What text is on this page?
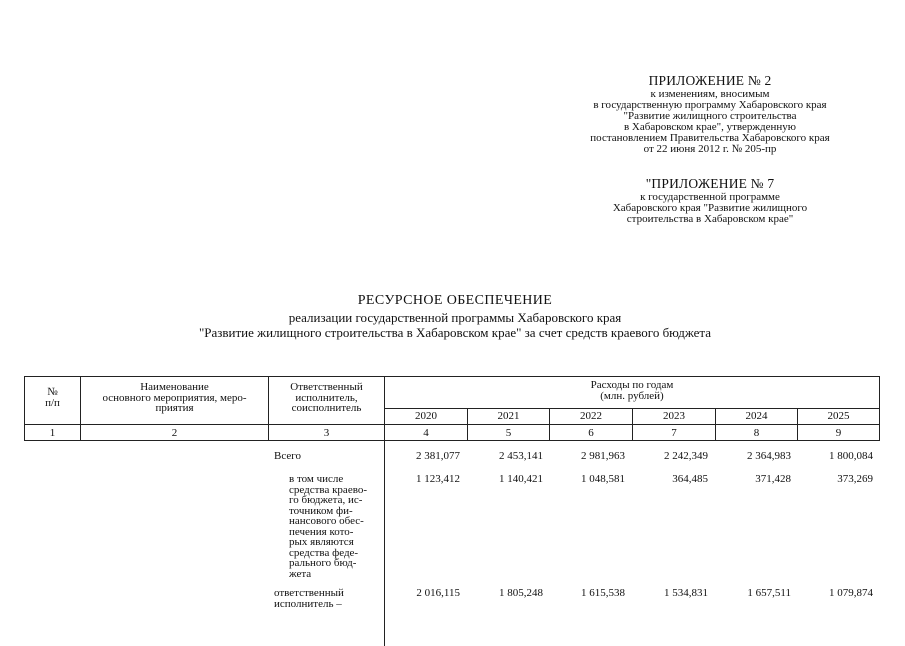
ПРИЛОЖЕНИЕ № 2
к изменениям, вносимым
в государственную программу Хабаровского края
"Развитие жилищного строительства
в Хабаровском крае", утвержденную
постановлением Правительства Хабаровского края
от 22 июня 2012 г. № 205-пр
"ПРИЛОЖЕНИЕ № 7
к государственной программе
Хабаровского края "Развитие жилищного
строительства в Хабаровском крае"
РЕСУРСНОЕ ОБЕСПЕЧЕНИЕ
реализации государственной программы Хабаровского края
"Развитие жилищного строительства в Хабаровском крае" за счет средств краевого бюджета
№
п/п
Наименование
основного мероприятия, меро-
приятия
Ответственный
исполнитель,
соисполнитель
Расходы по годам
(млн. рублей)
2020	2021	2022	2023	2024	2025
1	2	3	4	5	6	7	8	9
Всего	2 381,077	2 453,141	2 981,963	2 242,349	2 364,983	1 800,084
в том числе
средства краево-
го бюджета, ис-
точником фи-
нансового обес-
печения кото-
рых являются
средства феде-
рального бюд-
жета
1 123,412	1 140,421	1 048,581	364,485	371,428	373,269
ответственный
исполнитель –
2 016,115	1 805,248	1 615,538	1 534,831	1 657,511	1 079,874
